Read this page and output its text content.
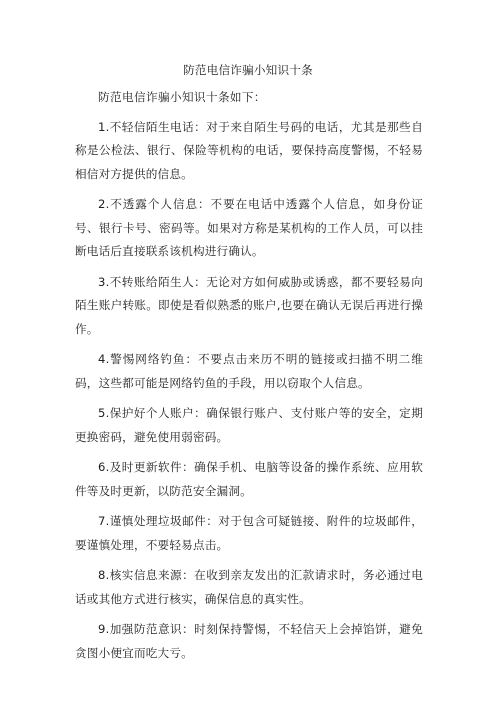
防范电信诈骗小知识十条
防范电信诈骗小知识十条如下：
1.不轻信陌生电话：对于来自陌生号码的电话，尤其是那些自称是公检法、银行、保险等机构的电话，要保持高度警惕，不轻易相信对方提供的信息。
2.不透露个人信息：不要在电话中透露个人信息，如身份证号、银行卡号、密码等。如果对方称是某机构的工作人员，可以挂断电话后直接联系该机构进行确认。
3.不转账给陌生人：无论对方如何威胁或诱惑，都不要轻易向陌生账户转账。即使是看似熟悉的账户,也要在确认无误后再进行操作。
4.警惕网络钓鱼：不要点击来历不明的链接或扫描不明二维码，这些都可能是网络钓鱼的手段，用以窃取个人信息。
5.保护好个人账户：确保银行账户、支付账户等的安全，定期更换密码，避免使用弱密码。
6.及时更新软件：确保手机、电脑等设备的操作系统、应用软件等及时更新，以防范安全漏洞。
7.谨慎处理垃圾邮件：对于包含可疑链接、附件的垃圾邮件，要谨慎处理，不要轻易点击。
8.核实信息来源：在收到亲友发出的汇款请求时，务必通过电话或其他方式进行核实，确保信息的真实性。
9.加强防范意识：时刻保持警惕，不轻信天上会掉馅饼，避免贪图小便宜而吃大亏。
